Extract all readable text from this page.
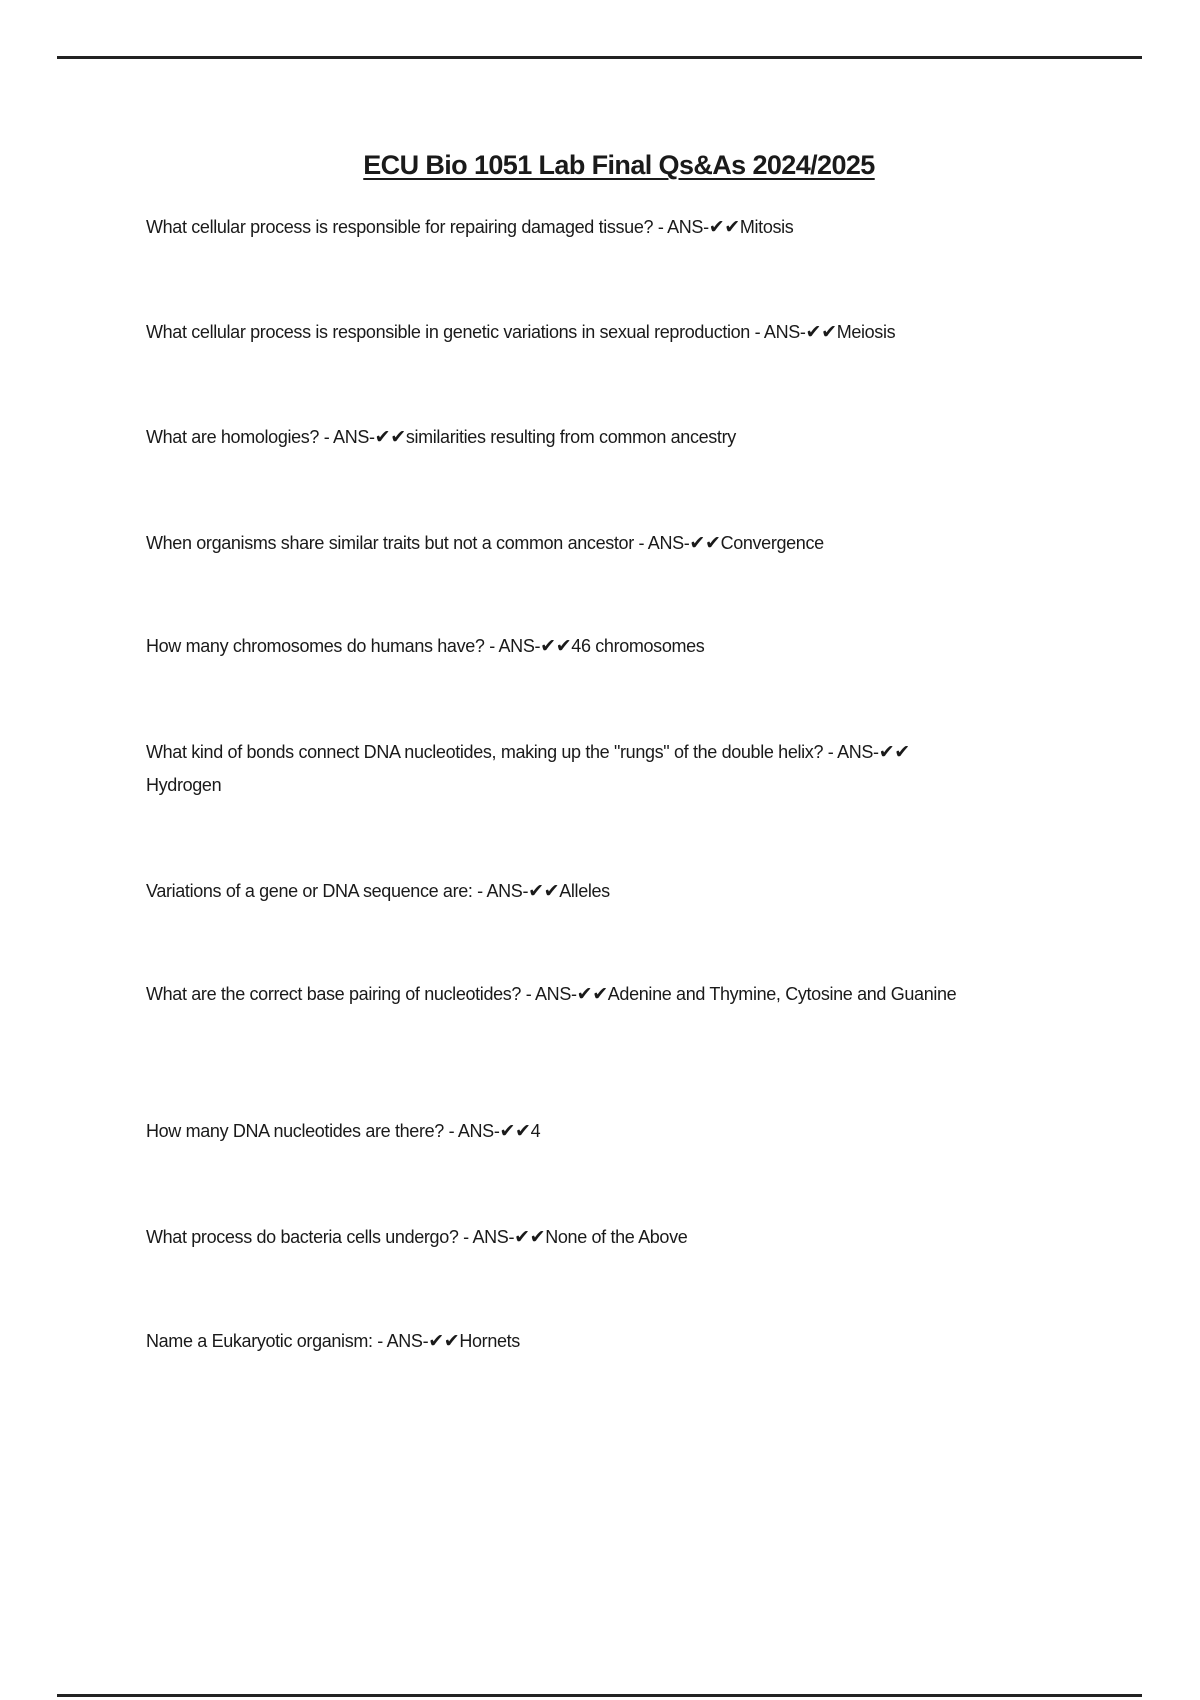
ECU Bio 1051 Lab Final Qs&As 2024/2025
What cellular process is responsible for repairing damaged tissue? - ANS-✔✔Mitosis
What cellular process is responsible in genetic variations in sexual reproduction - ANS-✔✔Meiosis
What are homologies? - ANS-✔✔similarities resulting from common ancestry
When organisms share similar traits but not a common ancestor - ANS-✔✔Convergence
How many chromosomes do humans have? - ANS-✔✔46 chromosomes
What kind of bonds connect DNA nucleotides, making up the "rungs" of the double helix? - ANS-✔✔
Hydrogen
Variations of a gene or DNA sequence are: - ANS-✔✔Alleles
What are the correct base pairing of nucleotides? - ANS-✔✔Adenine and Thymine, Cytosine and Guanine
How many DNA nucleotides are there? - ANS-✔✔4
What process do bacteria cells undergo? - ANS-✔✔None of the Above
Name a Eukaryotic organism: - ANS-✔✔Hornets
